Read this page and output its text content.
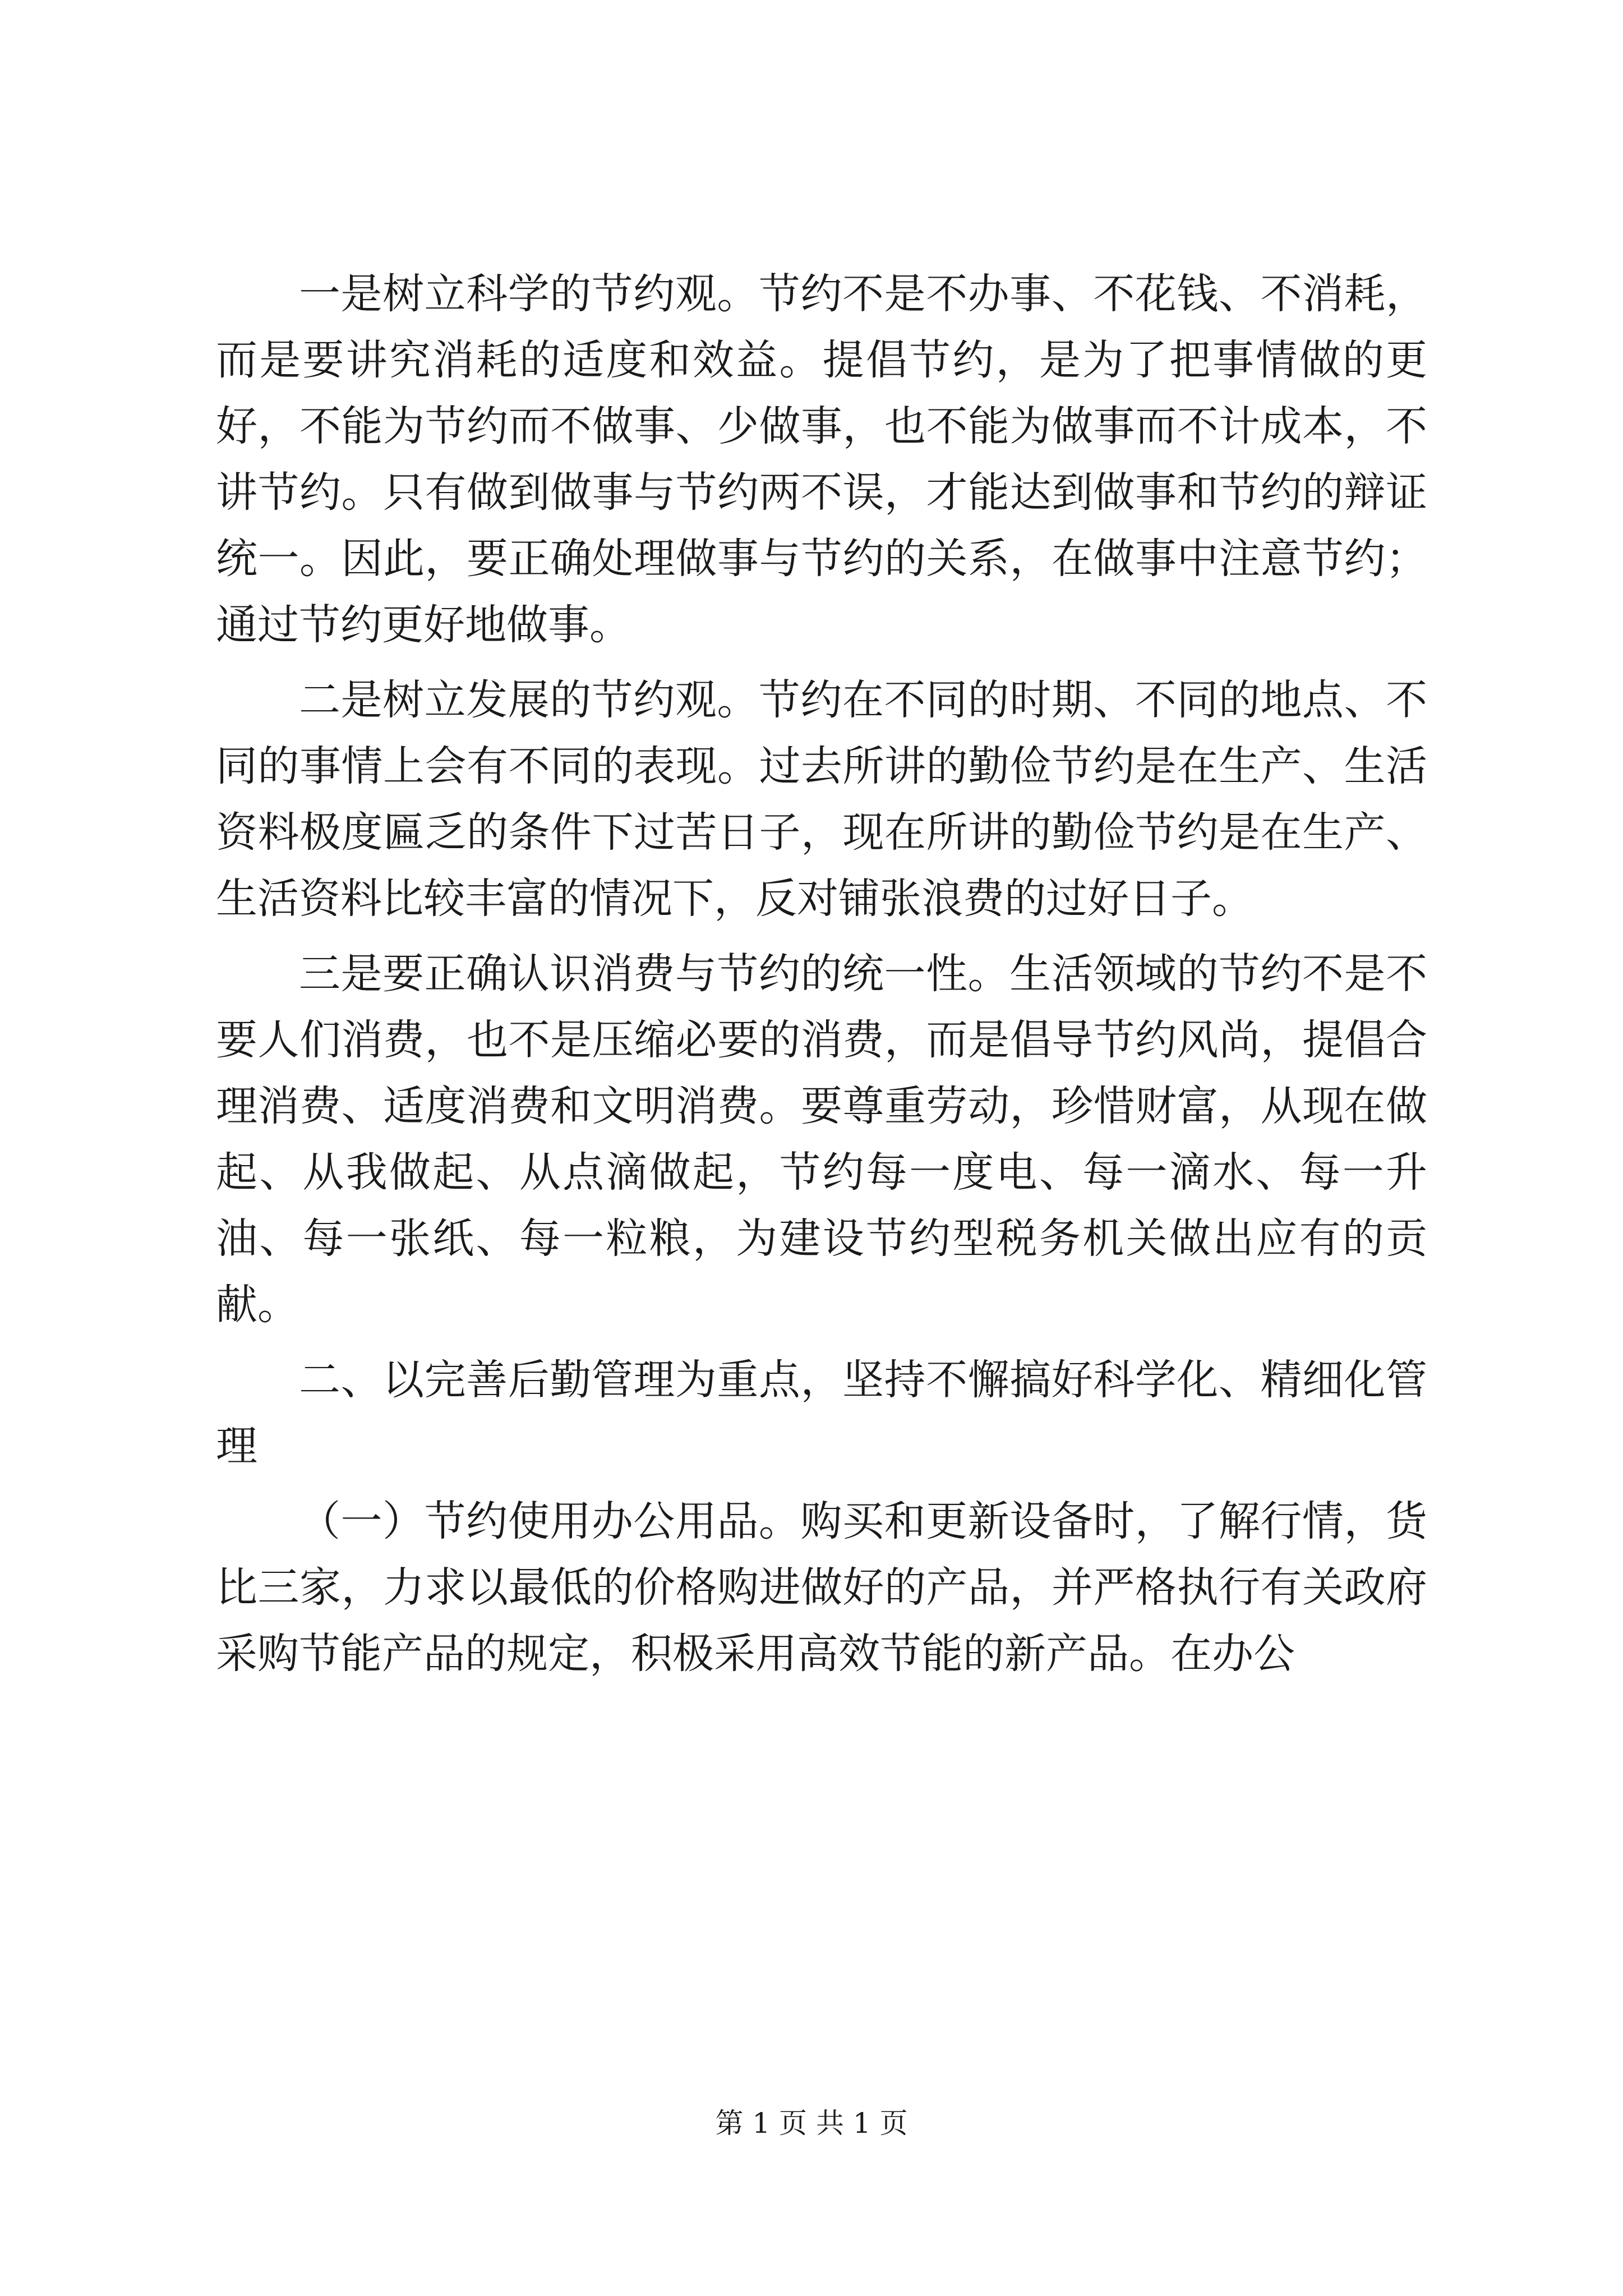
一是树立科学的节约观。节约不是不办事、不花钱、不消耗，而是要讲究消耗的适度和效益。提倡节约，是为了把事情做的更好，不能为节约而不做事、少做事，也不能为做事而不计成本，不讲节约。只有做到做事与节约两不误，才能达到做事和节约的辩证统一。因此，要正确处理做事与节约的关系，在做事中注意节约；通过节约更好地做事。

二是树立发展的节约观。节约在不同的时期、不同的地点、不同的事情上会有不同的表现。过去所讲的勤俭节约是在生产、生活资料极度匾乏的条件下过苦日子，现在所讲的勤俭节约是在生产、生活资料比较丰富的情况下，反对铺张浪费的过好日子。

三是要正确认识消费与节约的统一性。生活领域的节约不是不要人们消费，也不是压缩必要的消费，而是倡导节约风尚，提倡合理消费、适度消费和文明消费。要尊重劳动，珍惜财富，从现在做起、从我做起、从点滴做起，节约每一度电、每一滴水、每一升油、每一张纸、每一粒粮，为建设节约型税务机关做出应有的贡献。

二、以完善后勤管理为重点，坚持不懈搞好科学化、精细化管理

（一）节约使用办公用品。购买和更新设备时，了解行情，货比三家，力求以最低的价格购进做好的产品，并严格执行有关政府采购节能产品的规定，积极采用高效节能的新产品。在办公

第 1 页 共 1 页
